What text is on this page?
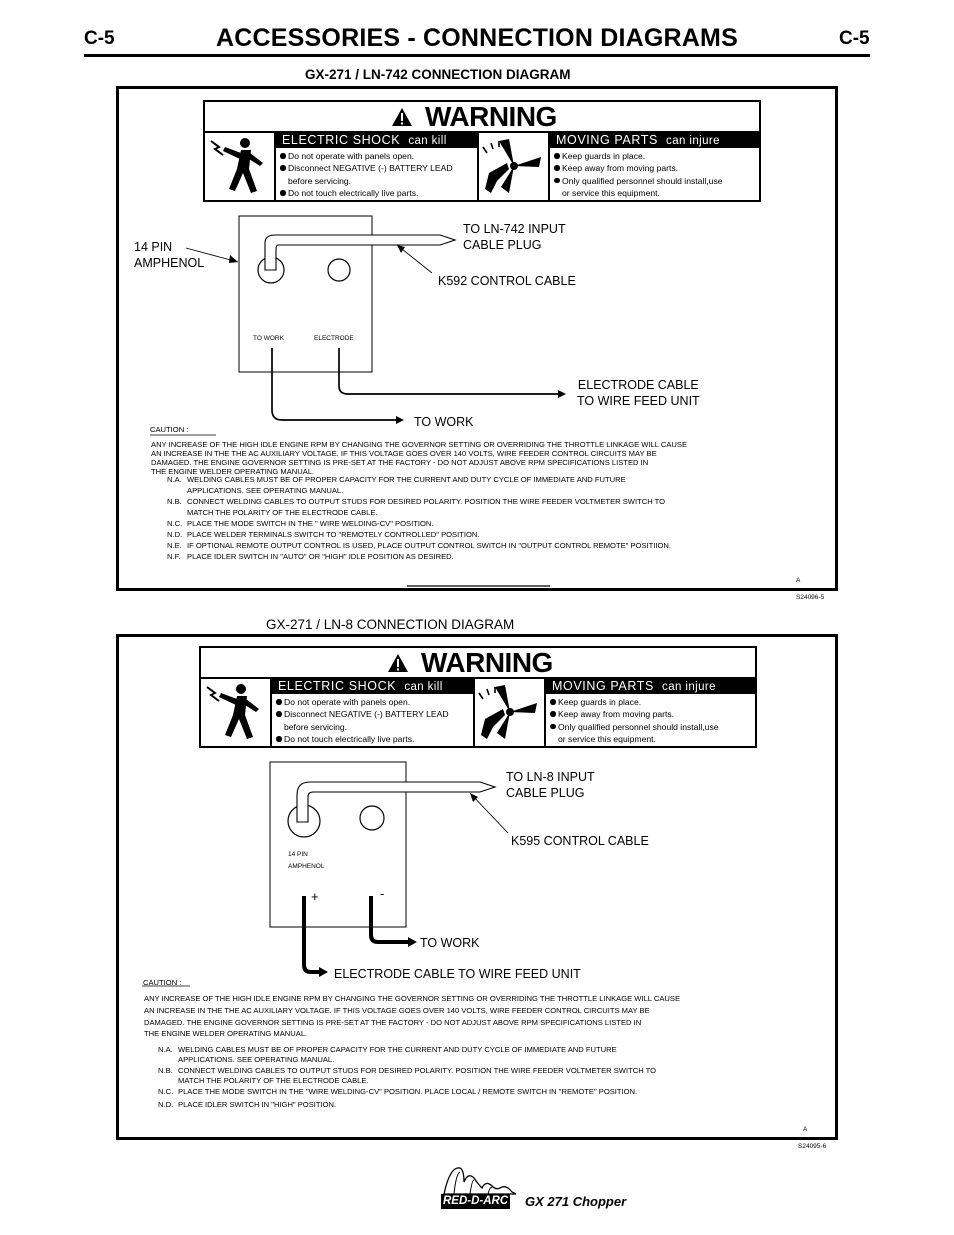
C-5	C-5
ACCESSORIES - CONNECTION DIAGRAMS
GX-271 / LN-742 CONNECTION DIAGRAM
WARNING
ELECTRIC SHOCK can kill
Do not operate with panels open.
Disconnect NEGATIVE (-) BATTERY LEAD
before servicing.
Do not touch electrically live parts.
MOVING PARTS can injure
Keep guards in place.
Keep away from moving parts.
Only qualified personnel should install,use
or service this equipment.
14 PIN
AMPHENOL
TO LN-742 INPUT
CABLE PLUG
K592 CONTROL CABLE
TO WORK	ELECTRODE
ELECTRODE CABLE
TO WIRE FEED UNIT
TO WORK
CAUTION :
ANY INCREASE OF THE HIGH IDLE ENGINE RPM BY CHANGING THE GOVERNOR SETTING OR OVERRIDING THE THROTTLE LINKAGE WILL CAUSE
AN INCREASE IN THE THE AC AUXILIARY VOLTAGE. IF THIS VOLTAGE GOES OVER 140 VOLTS, WIRE FEEDER CONTROL CIRCUITS MAY BE
DAMAGED. THE ENGINE GOVERNOR SETTING IS PRE-SET AT THE FACTORY - DO NOT ADJUST ABOVE RPM SPECIFICATIONS LISTED IN
THE ENGINE WELDER OPERATING MANUAL.
N.A. WELDING CABLES MUST BE OF PROPER CAPACITY FOR THE CURRENT AND DUTY CYCLE OF IMMEDIATE AND FUTURE
APPLICATIONS. SEE OPERATING MANUAL.
N.B. CONNECT WELDING CABLES TO OUTPUT STUDS FOR DESIRED POLARITY. POSITION THE WIRE FEEDER VOLTMETER SWITCH TO
MATCH THE POLARITY OF THE ELECTRODE CABLE.
N.C. PLACE THE MODE SWITCH IN THE " WIRE WELDING-CV" POSITION.
N.D. PLACE WELDER TERMINALS SWITCH TO "REMOTELY CONTROLLED" POSITION.
N.E. IF OPTIONAL REMOTE OUTPUT CONTROL IS USED, PLACE OUTPUT CONTROL SWITCH IN "OUTPUT CONTROL REMOTE" POSITIION.
N.F. PLACE IDLER SWITCH IN "AUTO" OR "HIGH" IDLE POSITION AS DESIRED.
A
S24096-5
GX-271 / LN-8 CONNECTION DIAGRAM
WARNING
ELECTRIC SHOCK can kill
Do not operate with panels open.
Disconnect NEGATIVE (-) BATTERY LEAD
before servicing.
Do not touch electrically live parts.
MOVING PARTS can injure
Keep guards in place.
Keep away from moving parts.
Only qualified personnel should install,use
or service this equipment.
TO LN-8 INPUT
CABLE PLUG
K595 CONTROL CABLE
14 PIN
AMPHENOL
+	-
TO WORK
ELECTRODE CABLE TO WIRE FEED UNIT
CAUTION :
ANY INCREASE OF THE HIGH IDLE ENGINE RPM BY CHANGING THE GOVERNOR SETTING OR OVERRIDING THE THROTTLE LINKAGE WILL CAUSE
AN INCREASE IN THE THE AC AUXILIARY VOLTAGE. IF THIS VOLTAGE GOES OVER 140 VOLTS, WIRE FEEDER CONTROL CIRCUITS MAY BE
DAMAGED. THE ENGINE GOVERNOR SETTING IS PRE-SET AT THE FACTORY - DO NOT ADJUST ABOVE RPM SPECIFICATIONS LISTED IN
THE ENGINE WELDER OPERATING MANUAL.
N.A. WELDING CABLES MUST BE OF PROPER CAPACITY FOR THE CURRENT AND DUTY CYCLE OF IMMEDIATE AND FUTURE
APPLICATIONS. SEE OPERATING MANUAL.
N.B. CONNECT WELDING CABLES TO OUTPUT STUDS FOR DESIRED POLARITY. POSITION THE WIRE FEEDER VOLTMETER SWITCH TO
MATCH THE POLARITY OF THE ELECTRODE CABLE.
N.C. PLACE THE MODE SWITCH IN THE "WIRE WELDING-CV" POSITION. PLACE LOCAL / REMOTE SWITCH IN "REMOTE" POSITION.
N.D. PLACE IDLER SWITCH IN "HIGH" POSITION.
A
S24095-6
RED-D-ARC GX 271 Chopper
